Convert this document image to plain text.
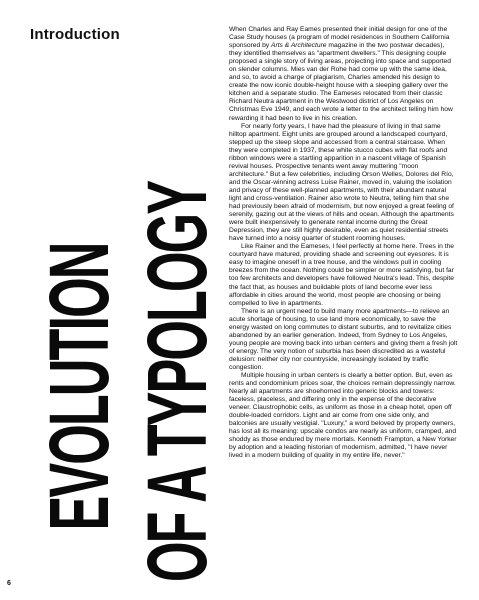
Introduction
EVOLUTION OF A TYPOLOGY

When Charles and Ray Eames presented their initial design for one of the Case Study houses (a program of model residences in Southern California sponsored by Arts & Architecture magazine in the two postwar decades), they identified themselves as "apartment dwellers." This designing couple proposed a single story of living areas, projecting into space and supported on slender columns. Mies van der Rohe had come up with the same idea, and so, to avoid a charge of plagiarism, Charles amended his design to create the now iconic double-height house with a sleeping gallery over the kitchen and a separate studio. The Eameses relocated from their classic Richard Neutra apartment in the Westwood district of Los Angeles on Christmas Eve 1949, and each wrote a letter to the architect telling him how rewarding it had been to live in his creation.

For nearly forty years, I have had the pleasure of living in that same hilltop apartment. Eight units are grouped around a landscaped courtyard, stepped up the steep slope and accessed from a central staircase. When they were completed in 1937, these white stucco cubes with flat roofs and ribbon windows were a startling apparition in a nascent village of Spanish revival houses. Prospective tenants went away muttering "moon architecture." But a few celebrities, including Orson Welles, Dolores del Río, and the Oscar-winning actress Luise Rainer, moved in, valuing the isolation and privacy of these well-planned apartments, with their abundant natural light and cross-ventilation. Rainer also wrote to Neutra, telling him that she had previously been afraid of modernism, but now enjoyed a great feeling of serenity, gazing out at the views of hills and ocean. Although the apartments were built inexpensively to generate rental income during the Great Depression, they are still highly desirable, even as quiet residential streets have turned into a noisy quarter of student rooming houses.

Like Rainer and the Eameses, I feel perfectly at home here. Trees in the courtyard have matured, providing shade and screening out eyesores. It is easy to imagine oneself in a tree house, and the windows pull in cooling breezes from the ocean. Nothing could be simpler or more satisfying, but far too few architects and developers have followed Neutra's lead. This, despite the fact that, as houses and buildable plots of land become ever less affordable in cities around the world, most people are choosing or being compelled to live in apartments.

There is an urgent need to build many more apartments—to relieve an acute shortage of housing, to use land more economically, to save the energy wasted on long commutes to distant suburbs, and to revitalize cities abandoned by an earlier generation. Indeed, from Sydney to Los Angeles, young people are moving back into urban centers and giving them a fresh jolt of energy. The very notion of suburbia has been discredited as a wasteful delusion: neither city nor countryside, increasingly isolated by traffic congestion.

Multiple housing in urban centers is clearly a better option. But, even as rents and condominium prices soar, the choices remain depressingly narrow. Nearly all apartments are shoehorned into generic blocks and towers: faceless, placeless, and differing only in the expense of the decorative veneer. Claustrophobic cells, as uniform as those in a cheap hotel, open off double-loaded corridors. Light and air come from one side only, and balconies are usually vestigial. "Luxury," a word beloved by property owners, has lost all its meaning: upscale condos are nearly as uniform, cramped, and shoddy as those endured by mere mortals. Kenneth Frampton, a New Yorker by adoption and a leading historian of modernism, admitted, "I have never lived in a modern building of quality in my entire life, never."

6
